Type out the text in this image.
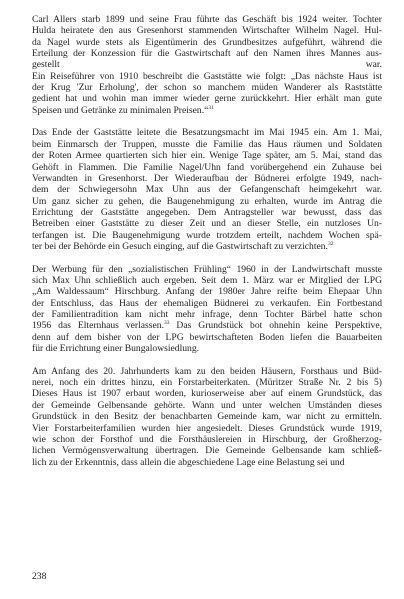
Carl Allers starb 1899 und seine Frau führte das Geschäft bis 1924 weiter. Tochter
Hulda heiratete den aus Gresenhorst stammenden Wirtschafter Wilhelm Nagel. Hul-
da Nagel wurde stets als Eigentümerin des Grundbesitzes aufgeführt, während die
Erteilung der Konzession für die Gastwirtschaft auf den Namen ihres Mannes aus-
gestellt war.
Ein Reiseführer von 1910 beschreibt die Gaststätte wie folgt: „Das nächste Haus ist
der Krug 'Zur Erholung', der schon so manchem müden Wanderer als Raststätte
gedient hat und wohin man immer wieder gerne zurückkehrt. Hier erhält man gute
Speisen und Getränke zu minimalen Preisen.“$^{31}$

Das Ende der Gaststätte leitete die Besatzungsmacht im Mai 1945 ein. Am 1. Mai,
beim Einmarsch der Truppen, musste die Familie das Haus räumen und Soldaten
der Roten Armee quartierten sich hier ein. Wenige Tage später, am 5. Mai, stand das
Gehöft in Flammen. Die Familie Nagel/Uhn fand vorübergehend ein Zuhause bei
Verwandten in Gresenhorst. Der Wiederaufbau der Büdnerei erfolgte 1949, nach-
dem der Schwiegersohn Max Uhn aus der Gefangenschaft heimgekehrt war.
Um ganz sicher zu gehen, die Baugenehmigung zu erhalten, wurde im Antrag die
Errichtung der Gaststätte angegeben. Dem Antragsteller war bewusst, dass das
Betreiben einer Gaststätte zu dieser Zeit und an dieser Stelle, ein nutzloses Un-
terfangen ist. Die Baugenehmigung wurde trotzdem erteilt, nachdem Wochen spä-
ter bei der Behörde ein Gesuch einging, auf die Gastwirtschaft zu verzichten.$^{32}$

Der Werbung für den „sozialistischen Frühling“ 1960 in der Landwirtschaft musste
sich Max Uhn schließlich auch ergeben. Seit dem 1. März war er Mitglied der LPG
„Am Waldessaum“ Hirschburg. Anfang der 1980er Jahre reifte beim Ehepaar Uhn
der Entschluss, das Haus der ehemaligen Büdnerei zu verkaufen. Ein Fortbestand
der Familientradition kam nicht mehr infrage, denn Tochter Bärbel hatte schon
1956 das Elternhaus verlassen.$^{33}$ Das Grundstück bot ohnehin keine Perspektive,
denn auf dem bisher von der LPG bewirtschafteten Boden liefen die Bauarbeiten
für die Errichtung einer Bungalowsiedlung.

Am Anfang des 20. Jahrhunderts kam zu den beiden Häusern, Forsthaus und Büd-
nerei, noch ein drittes hinzu, ein Forstarbeiterkaten. (Müritzer Straße Nr. 2 bis 5)
Dieses Haus ist 1907 erbaut worden, kurioserweise aber auf einem Grundstück, das
der Gemeinde Gelbensande gehörte. Wann und unter welchen Umständen dieses
Grundstück in den Besitz der benachbarten Gemeinde kam, war nicht zu ermitteln.
Vier Forstarbeiterfamilien wurden hier angesiedelt. Dieses Grundstück wurde 1919,
wie schon der Forsthof und die Forsthäuslereien in Hirschburg, der Großherzog-
lichen Vermögensverwaltung übertragen. Die Gemeinde Gelbensande kam schließ-
lich zu der Erkenntnis, dass allein die abgeschiedene Lage eine Belastung sei und

238
